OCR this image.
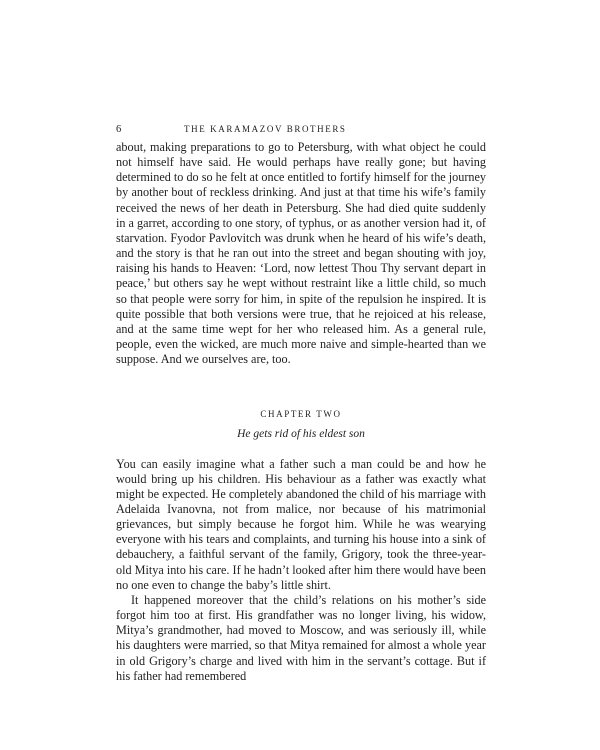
6	THE KARAMAZOV BROTHERS

about, making preparations to go to Petersburg, with what object he could not himself have said. He would perhaps have really gone; but having determined to do so he felt at once entitled to fortify himself for the journey by another bout of reckless drinking. And just at that time his wife’s family received the news of her death in Petersburg. She had died quite suddenly in a garret, according to one story, of typhus, or as another version had it, of starvation. Fyodor Pavlovitch was drunk when he heard of his wife’s death, and the story is that he ran out into the street and began shouting with joy, raising his hands to Heaven: ‘Lord, now lettest Thou Thy servant depart in peace,’ but others say he wept without restraint like a little child, so much so that people were sorry for him, in spite of the repulsion he inspired. It is quite possible that both versions were true, that he rejoiced at his release, and at the same time wept for her who released him. As a general rule, people, even the wicked, are much more naive and simple-hearted than we suppose. And we ourselves are, too.

CHAPTER TWO
He gets rid of his eldest son

You can easily imagine what a father such a man could be and how he would bring up his children. His behaviour as a father was exactly what might be expected. He completely abandoned the child of his marriage with Adelaida Ivanovna, not from malice, nor because of his matrimonial grievances, but simply because he forgot him. While he was wearying everyone with his tears and complaints, and turning his house into a sink of debauchery, a faithful servant of the family, Grigory, took the three-year-old Mitya into his care. If he hadn’t looked after him there would have been no one even to change the baby’s little shirt.

It happened moreover that the child’s relations on his mother’s side forgot him too at first. His grandfather was no longer living, his widow, Mitya’s grandmother, had moved to Moscow, and was seriously ill, while his daughters were married, so that Mitya remained for almost a whole year in old Grigory’s charge and lived with him in the servant’s cottage. But if his father had remembered
